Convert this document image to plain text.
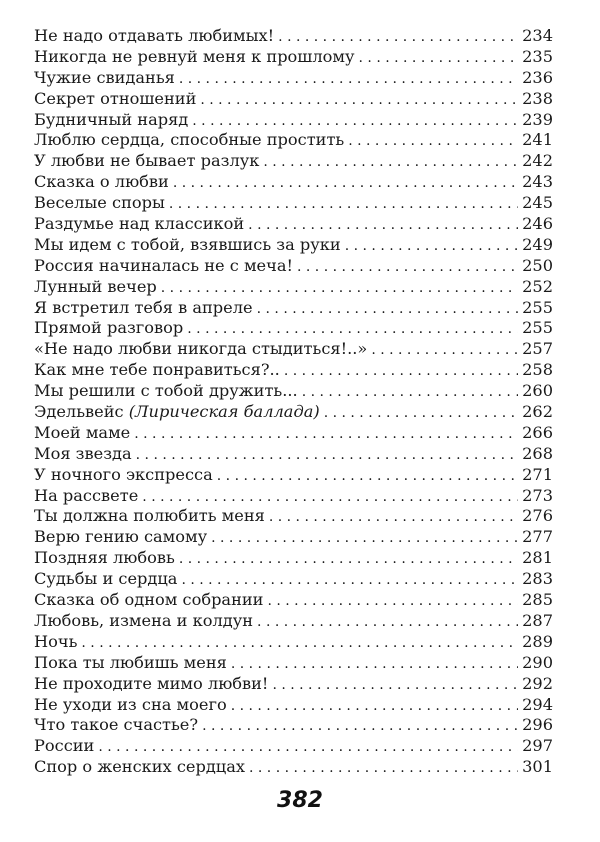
Не надо отдавать любимых! . . .	234
Никогда не ревнуй меня к прошлому . . .	235
Чужие свиданья . . .	236
Секрет отношений . . .	238
Будничный наряд . . .	239
Люблю сердца, способные простить . . .	241
У любви не бывает разлук . . .	242
Сказка о любви . . .	243
Веселые споры . . .	245
Раздумье над классикой . . .	246
Мы идем с тобой, взявшись за руки . . .	249
Россия начиналась не с меча! . . .	250
Лунный вечер . . .	252
Я встретил тебя в апреле . . .	255
Прямой разговор . . .	255
«Не надо любви никогда стыдиться!..» . . .	257
Как мне тебе понравиться?.. . . .	258
Мы решили с тобой дружить... . . .	260
Эдельвейс (Лирическая баллада) . . .	262
Моей маме . . .	266
Моя звезда . . .	268
У ночного экспресса . . .	271
На рассвете . . .	273
Ты должна полюбить меня . . .	276
Верю гению самому . . .	277
Поздняя любовь . . .	281
Судьбы и сердца . . .	283
Сказка об одном собрании . . .	285
Любовь, измена и колдун . . .	287
Ночь . . .	289
Пока ты любишь меня . . .	290
Не проходите мимо любви! . . .	292
Не уходи из сна моего . . .	294
Что такое счастье? . . .	296
России . . .	297
Спор о женских сердцах . . .	301
382
